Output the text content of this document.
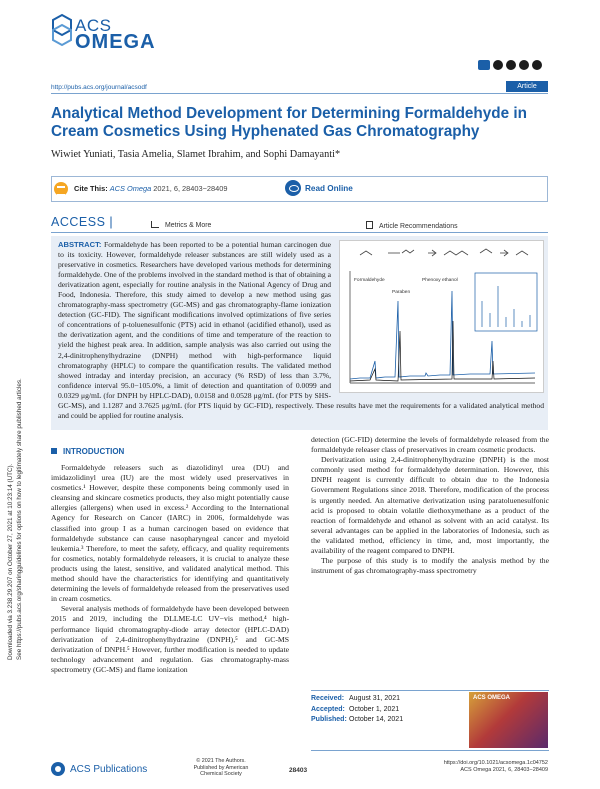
Downloaded via 3.238.29.207 on October 27, 2021 at 10:23:14 (UTC). See https://pubs.acs.org/sharingguidelines for options on how to legitimately share published articles.
ACS
OMEGA
http://pubs.acs.org/journal/acsodf	Article
Analytical Method Development for Determining Formaldehyde in Cream Cosmetics Using Hyphenated Gas Chromatography
Wiwiet Yuniati, Tasia Amelia, Slamet Ibrahim, and Sophi Damayanti*
Cite This: ACS Omega 2021, 6, 28403−28409	Read Online
ACCESS |	Metrics & More	Article Recommendations
Formaldehyde
Paraben
Phenoxy ethanol
ABSTRACT: Formaldehyde has been reported to be a potential human carcinogen due to its toxicity. However, formaldehyde releaser substances are still widely used as a preservative in cosmetics. Researchers have developed various methods for determining formaldehyde. One of the problems involved in the standard method is that of obtaining a derivatization agent, especially for routine analysis in the National Agency of Drug and Food, Indonesia. Therefore, this study aimed to develop a new method using gas chromatography-mass spectrometry (GC-MS) and gas chromatography-flame ionization detection (GC-FID). The significant modifications involved optimizations of five series of concentrations of p-toluenesulfonic (PTS) acid in ethanol (acidified ethanol), used as the derivatization agent, and the conditions of time and temperature of the reaction to yield the highest peak area. In addition, sample analysis was also carried out using the 2,4-dinitrophenylhydrazine (DNPH) method with high-performance liquid chromatography (HPLC) to compare the quantification results. The validated method showed intraday and interday precision, an accuracy (% RSD) of less than 3.7%, confidence interval 95.0−105.0%, a limit of detection and quantitation of 0.0099 and 0.0329 μg/mL (for DNPH by HPLC-DAD), 0.0158 and 0.0528 μg/mL (for PTS by SHS-GC-MS), and 1.1287 and 3.7625 μg/mL (for PTS liquid by GC-FID), respectively. These results have met the requirements for a validated analytical method and could be applied for routine analysis.
INTRODUCTION

Formaldehyde releasers such as diazolidinyl urea (DU) and imidazolidinyl urea (IU) are the most widely used preservatives in cosmetics.¹ However, despite these components being commonly used in cleansing and skincare cosmetics products, they also might potentially cause allergies (allergens) when used in excess.² According to the International Agency for Research on Cancer (IARC) in 2006, formaldehyde was classified into group I as a human carcinogen based on evidence that formaldehyde substance can cause nasopharyngeal cancer and myeloid leukemia.³ Therefore, to meet the safety, efficacy, and quality requirements for cosmetics, notably formaldehyde releasers, it is crucial to analyze these products using the latest, sensitive, and validated analytical method. This method should have the characteristics for identifying and quantitatively determining the levels of formaldehyde released from the preservatives used in cream cosmetics.

Several analysis methods of formaldehyde have been developed between 2015 and 2019, including the DLLME-LC UV−vis method,⁴ high-performance liquid chromatography-diode array detector (HPLC-DAD) derivatization of 2,4-dinitrophenylhydrazine (DNPH),⁵ and GC-MS derivatization of DNPH.⁵ However, further modification is needed to update technology advancement and regulation. Gas chromatography-mass spectrometry (GC-MS) and flame ionization

detection (GC-FID) determine the levels of formaldehyde released from the formaldehyde releaser class of preservatives in cream cosmetic products.

Derivatization using 2,4-dinitrophenylhydrazine (DNPH) is the most commonly used method for formaldehyde determination. However, this DNPH reagent is currently difficult to obtain due to the Indonesia Government Regulations since 2018. Therefore, modification of the process is urgently needed. An alternative derivatization using paratoluenesulfonic acid is proposed to obtain volatile diethoxymethane as a product of the reaction of formaldehyde and ethanol as solvent with an acid catalyst. Its several advantages can be applied in the laboratories of Indonesia, such as the validated method, efficiency in time, and, most importantly, the availability of the reagent compared to DNPH.

The purpose of this study is to modify the analysis method by the instrument of gas chromatography-mass spectrometry

Received: August 31, 2021
Accepted: October 1, 2021
Published: October 14, 2021
ACS OMEGA
ACS Publications
© 2021 The Authors. Published by American Chemical Society
28403
https://doi.org/10.1021/acsomega.1c04752
ACS Omega 2021, 6, 28403−28409
